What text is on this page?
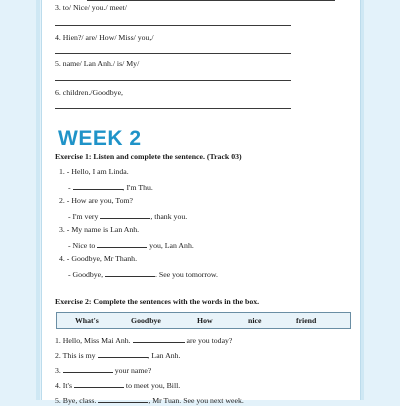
3. to/ Nice/ you./ meet/
4. Hien?/ are/ How/ Miss/ you,/
5. name/ Lan Anh./ is/ My/
6. children./Goodbye,
WEEK 2
Exercise 1: Listen and complete the sentence. (Track 03)
1. - Hello, I am Linda.
-	, I'm Thu.
2. - How are you, Tom?
- I'm very	, thank you.
3. - My name is Lan Anh.
- Nice to	you, Lan Anh.
4. - Goodbye, Mr Thanh.
- Goodbye,	. See you tomorrow.
Exercise 2: Complete the sentences with the words in the box.
What's	Goodbye	How	nice	friend
1. Hello, Miss Mai Anh.	are you today?
2. This is my	, Lan Anh.
3.	your name?
4. It's	to meet you, Bill.
5. Bye, class.	, Mr Tuan. See you next week.
